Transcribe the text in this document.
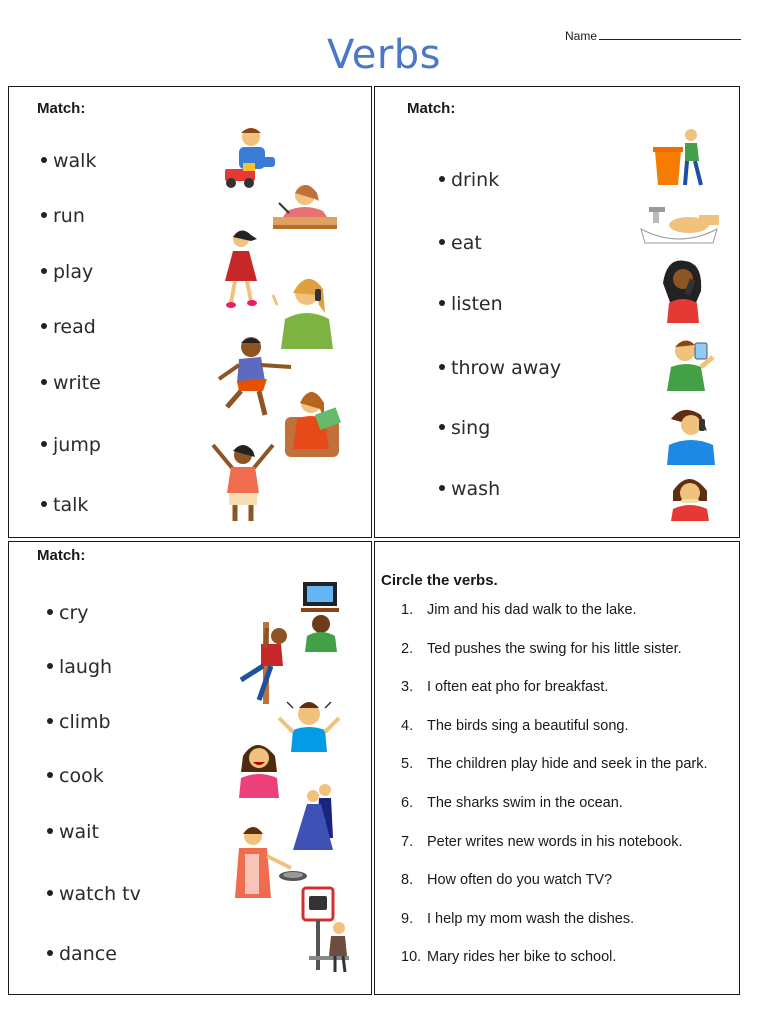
Verbs	Name
Match:
walk
run
play
read
write
jump
talk
Match:
drink
eat
listen
throw away
sing
wash
Match:
cry
laugh
climb
cook
wait
watch tv
dance
Circle the verbs.
1. Jim and his dad walk to the lake.
2. Ted pushes the swing for his little sister.
3. I often eat pho for breakfast.
4. The birds sing a beautiful song.
5. The children play hide and seek in the park.
6. The sharks swim in the ocean.
7. Peter writes new words in his notebook.
8. How often do you watch TV?
9. I help my mom wash the dishes.
10. Mary rides her bike to school.
